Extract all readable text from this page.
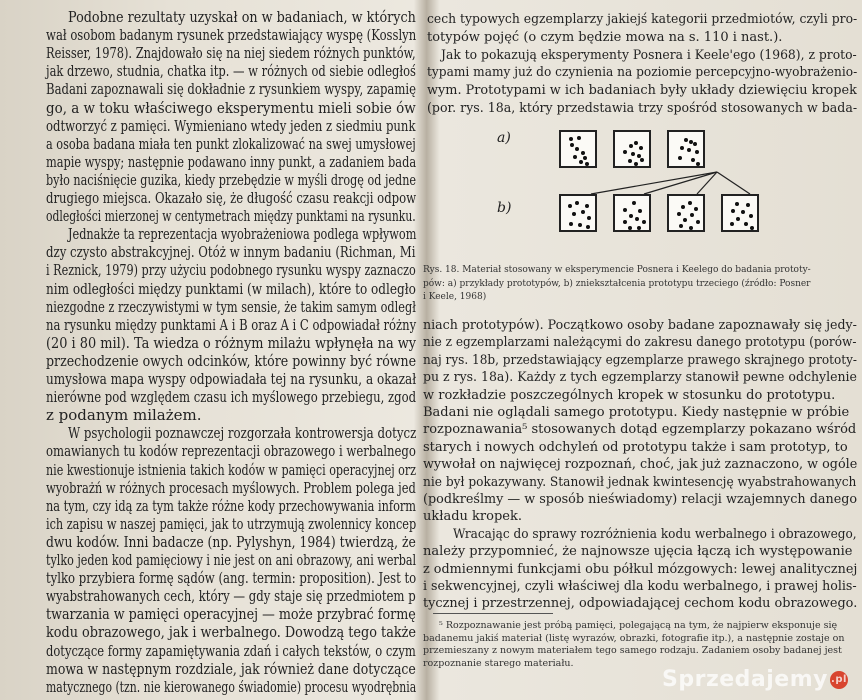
Podobne rezultaty uzyskał on w badaniach, w których
wał osobom badanym rysunek przedstawiający wyspę (Kosslyn
Reisser, 1978). Znajdowało się na niej siedem różnych punktów,
jak drzewo, studnia, chatka itp. — w różnych od siebie odległoś
Badani zapoznawali się dokładnie z rysunkiem wyspy, zapamię
go, a w toku właściwego eksperymentu mieli sobie ów
odtworzyć z pamięci. Wymieniano wtedy jeden z siedmiu punk
a osoba badana miała ten punkt zlokalizować na swej umysłowej
mapie wyspy; następnie podawano inny punkt, a zadaniem bada
było naciśnięcie guzika, kiedy przebędzie w myśli drogę od jedne
drugiego miejsca. Okazało się, że długość czasu reakcji odpow
odległości mierzonej w centymetrach między punktami na rysunku.
Jednakże ta reprezentacja wyobrażeniowa podlega wpływom
dzy czysto abstrakcyjnej. Otóż w innym badaniu (Richman, Mi
i Reznick, 1979) przy użyciu podobnego rysunku wyspy zaznaczo
nim odległości między punktami (w milach), które to odległo
niezgodne z rzeczywistymi w tym sensie, że takim samym odległ
na rysunku między punktami A i B oraz A i C odpowiadał różny
(20 i 80 mil). Ta wiedza o różnym milażu wpłynęła na wy
przechodzenie owych odcinków, które powinny być równe
umysłowa mapa wyspy odpowiadała tej na rysunku, a okazał
nierówne pod względem czasu ich myślowego przebiegu, zgod
z podanym milażem.
W psychologii poznawczej rozgorzała kontrowersja dotycz
omawianych tu kodów reprezentacji obrazowego i werbalnego
nie kwestionuje istnienia takich kodów w pamięci operacyjnej orz
wyobrażń w różnych procesach myślowych. Problem polega jed
na tym, czy idą za tym także różne kody przechowywania inform
ich zapisu w naszej pamięci, jak to utrzymują zwolennicy koncep
dwu kodów. Inni badacze (np. Pylyshyn, 1984) twierdzą, że
tylko jeden kod pamięciowy i nie jest on ani obrazowy, ani werbal
tylko przybiera formę sądów (ang. termin: proposition). Jest to
wyabstrahowanych cech, który — gdy staje się przedmiotem p
twarzania w pamięci operacyjnej — może przybrać formę
kodu obrazowego, jak i werbalnego. Dowodzą tego także
dotyczące formy zapamiętywania zdań i całych tekstów, o czym
mowa w następnym rozdziale, jak również dane dotyczące
matycznego (tzn. nie kierowanego świadomie) procesu wyodrębnia
cech typowych egzemplarzy jakiejś kategorii przedmiotów, czyli pro-
totypów pojęć (o czym będzie mowa na s. 110 i nast.).
Jak to pokazują eksperymenty Posnera i Keele'ego (1968), z proto-
typami mamy już do czynienia na poziomie percepcyjno-wyobrażenio-
wym. Prototypami w ich badaniach były układy dziewięciu kropek
(por. rys. 18a, który przedstawia trzy spośród stosowanych w bada-
a)
b)
Rys. 18. Materiał stosowany w eksperymencie Posnera i Keelego do badania prototy-
pów: a) przykłady prototypów, b) zniekształcenia prototypu trzeciego (źródło: Posner
i Keele, 1968)
niach prototypów). Początkowo osoby badane zapoznawały się jedy-
nie z egzemplarzami należącymi do zakresu danego prototypu (porów-
naj rys. 18b, przedstawiający egzemplarze prawego skrajnego prototy-
pu z rys. 18a). Każdy z tych egzemplarzy stanowił pewne odchylenie
w rozkładzie poszczególnych kropek w stosunku do prototypu.
Badani nie oglądali samego prototypu. Kiedy następnie w próbie
rozpoznawania⁵ stosowanych dotąd egzemplarzy pokazano wśród
starych i nowych odchyleń od prototypu także i sam prototyp, to
wywołał on najwięcej rozpoznań, choć, jak już zaznaczono, w ogóle
nie był pokazywany. Stanowił jednak kwintesencję wyabstrahowanych
(podkreślmy — w sposób nieświadomy) relacji wzajemnych danego
układu kropek.
Wracając do sprawy rozróżnienia kodu werbalnego i obrazowego,
należy przypomnieć, że najnowsze ujęcia łączą ich występowanie
z odmiennymi funkcjami obu półkul mózgowych: lewej analitycznej
i sekwencyjnej, czyli właściwej dla kodu werbalnego, i prawej holis-
tycznej i przestrzennej, odpowiadającej cechom kodu obrazowego.
⁵ Rozpoznawanie jest próbą pamięci, polegającą na tym, że najpierw eksponuje się
badanemu jakiś materiał (listę wyrazów, obrazki, fotografie itp.), a następnie zostaje on
przemieszany z nowym materiałem tego samego rodzaju. Zadaniem osoby badanej jest
rozpoznanie starego materiału.
Sprzedajemy .pl
